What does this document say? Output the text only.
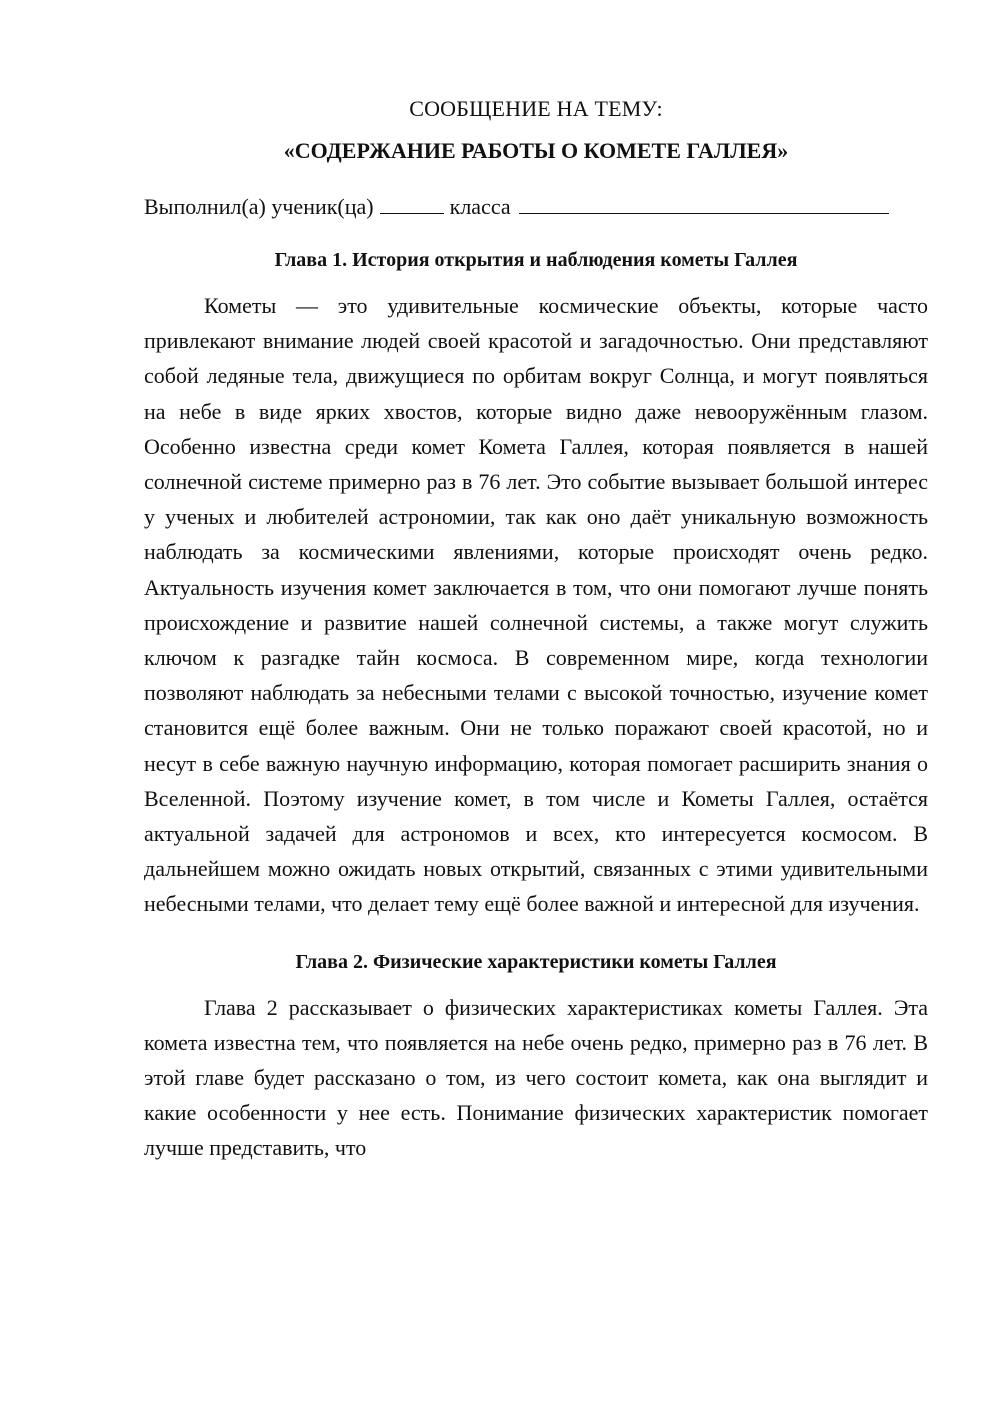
СООБЩЕНИЕ НА ТЕМУ:
«СОДЕРЖАНИЕ РАБОТЫ О КОМЕТЕ ГАЛЛЕЯ»

Выполнил(а) ученик(ца)	класса

Глава 1. История открытия и наблюдения кометы Галлея

Кометы — это удивительные космические объекты, которые часто привлекают внимание людей своей красотой и загадочностью. Они представляют собой ледяные тела, движущиеся по орбитам вокруг Солнца, и могут появляться на небе в виде ярких хвостов, которые видно даже невооружённым глазом. Особенно известна среди комет Комета Галлея, которая появляется в нашей солнечной системе примерно раз в 76 лет. Это событие вызывает большой интерес у ученых и любителей астрономии, так как оно даёт уникальную возможность наблюдать за космическими явлениями, которые происходят очень редко. Актуальность изучения комет заключается в том, что они помогают лучше понять происхождение и развитие нашей солнечной системы, а также могут служить ключом к разгадке тайн космоса. В современном мире, когда технологии позволяют наблюдать за небесными телами с высокой точностью, изучение комет становится ещё более важным. Они не только поражают своей красотой, но и несут в себе важную научную информацию, которая помогает расширить знания о Вселенной. Поэтому изучение комет, в том числе и Кометы Галлея, остаётся актуальной задачей для астрономов и всех, кто интересуется космосом. В дальнейшем можно ожидать новых открытий, связанных с этими удивительными небесными телами, что делает тему ещё более важной и интересной для изучения.

Глава 2. Физические характеристики кометы Галлея

Глава 2 рассказывает о физических характеристиках кометы Галлея. Эта комета известна тем, что появляется на небе очень редко, примерно раз в 76 лет. В этой главе будет рассказано о том, из чего состоит комета, как она выглядит и какие особенности у нее есть. Понимание физических характеристик помогает лучше представить, что
